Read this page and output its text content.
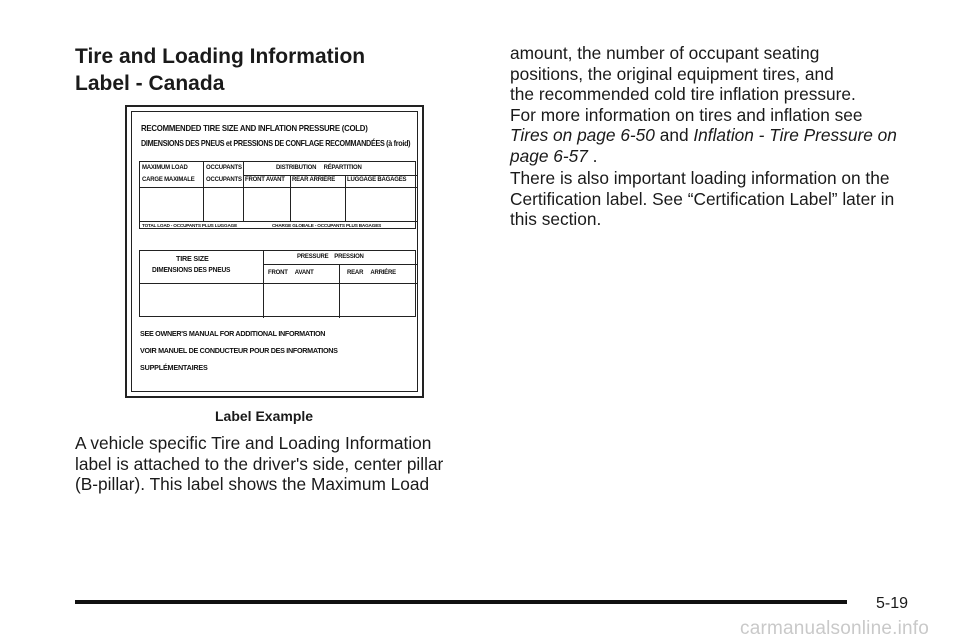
Tire and Loading Information
Label - Canada
RECOMMENDED TIRE SIZE AND INFLATION PRESSURE (COLD)
DIMENSIONS DES PNEUS et PRESSIONS DE CONFLAGE RECOMMANDÉES (à froid)
MAXIMUM LOAD
CARGE MAXIMALE
OCCUPANTS
OCCUPANTS
DISTRIBUTION     RÉPARTITION
FRONT AVANT REAR ARRIÉRE LUGGAGE BAGAGES
TOTAL LOAD - OCCUPANTS PLUS LUGGAGE	CHARGE GLOBALE - OCCUPANTS PLUS BAGAGES
TIRE SIZE
DIMENSIONS DES PNEUS
PRESSURE    PRESSION
FRONT     AVANT	REAR     ARRIÉRE
SEE OWNER'S MANUAL FOR ADDITIONAL INFORMATION
VOIR MANUEL DE CONDUCTEUR POUR DES INFORMATIONS
SUPPLÉMENTAIRES
Label Example

A vehicle specific Tire and Loading Information
label is attached to the driver's side, center pillar
(B-pillar). This label shows the Maximum Load

amount, the number of occupant seating
positions, the original equipment tires, and
the recommended cold tire inflation pressure.
For more information on tires and inflation see
Tires on page 6-50 and Inflation - Tire Pressure on
page 6-57 .

There is also important loading information on the
Certification label. See “Certification Label” later in
this section.

5-19
carmanualsonline.info
